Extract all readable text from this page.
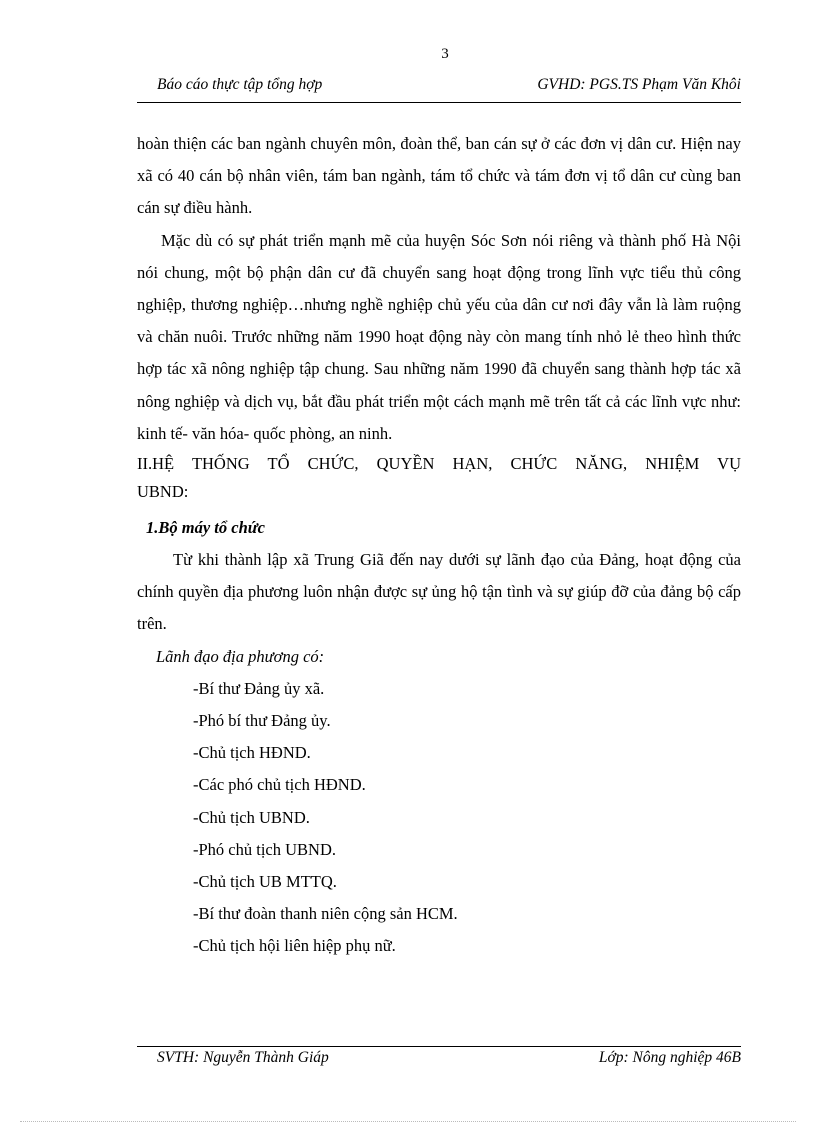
3
Báo cáo thực tập tổng hợp	GVHD: PGS.TS Phạm Văn Khôi

hoàn thiện các ban ngành chuyên môn, đoàn thể, ban cán sự ở các đơn vị dân cư. Hiện nay xã có 40 cán bộ nhân viên, tám ban ngành, tám tổ chức và tám đơn vị tổ dân cư cùng ban cán sự điều hành.

Mặc dù có sự phát triển mạnh mẽ của huyện Sóc Sơn nói riêng và thành phố Hà Nội nói chung, một bộ phận dân cư đã chuyển sang hoạt động trong lĩnh vực tiểu thủ công nghiệp, thương nghiệp…nhưng nghề nghiệp chủ yếu của dân cư nơi đây vẫn là làm ruộng và chăn nuôi. Trước những năm 1990 hoạt động này còn mang tính nhỏ lẻ theo hình thức hợp tác xã nông nghiệp tập chung. Sau những năm 1990 đã chuyển sang thành hợp tác xã nông nghiệp và dịch vụ, bắt đầu phát triển một cách mạnh mẽ trên tất cả các lĩnh vực như: kinh tế- văn hóa- quốc phòng, an ninh.

II.HỆ THỐNG TỔ CHỨC, QUYỀN HẠN, CHỨC NĂNG, NHIỆM VỤ

UBND:

1.Bộ máy tổ chức

Từ khi thành lập xã Trung Giã đến nay dưới sự lãnh đạo của Đảng, hoạt động của chính quyền địa phương luôn nhận được sự ủng hộ tận tình và sự giúp đỡ của đảng bộ cấp trên.

Lãnh đạo địa phương có:

-Bí thư Đảng ủy xã.
-Phó bí thư Đảng ủy.
-Chủ tịch HĐND.
-Các phó chủ tịch HĐND.
-Chủ tịch UBND.
-Phó chủ tịch UBND.
-Chủ tịch UB MTTQ.
-Bí thư đoàn thanh niên cộng sản HCM.
-Chủ tịch hội liên hiệp phụ nữ.
SVTH: Nguyễn Thành Giáp	Lớp: Nông nghiệp 46B
